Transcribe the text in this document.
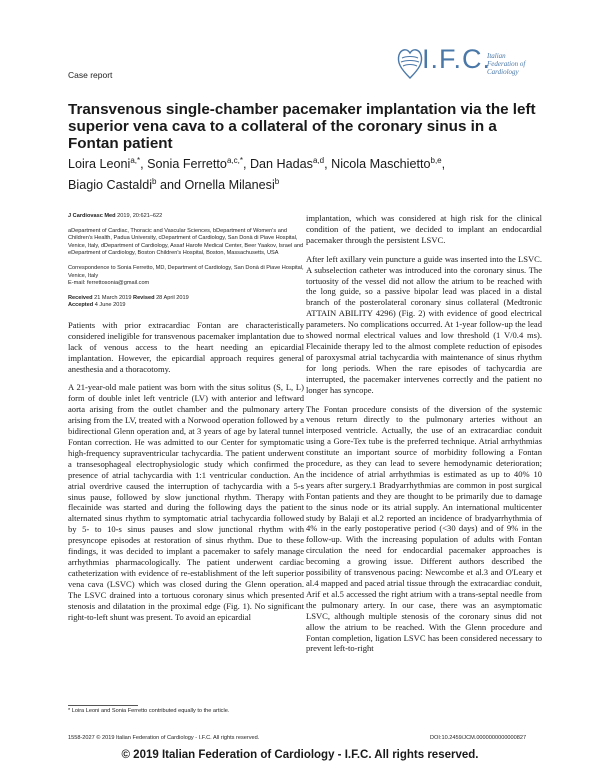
Case report
I.F.C.
Italian
Federation of
Cardiology
Transvenous single-chamber pacemaker implantation via the left superior vena cava to a collateral of the coronary sinus in a Fontan patient
Loira Leoni$^{a,*}$, Sonia Ferretto$^{a,c,*}$, Dan Hadas$^{a,d}$, Nicola Maschietto$^{b,e}$,
Biagio Castaldi$^b$ and Ornella Milanesi$^b$
J Cardiovasc Med 2019, 20:621–622
aDepartment of Cardiac, Thoracic and Vascular Sciences, bDepartment of Women's and Children's Health, Padua University, cDepartment of Cardiology, San Donà di Piave Hospital, Venice, Italy, dDepartment of Cardiology, Assaf Harofe Medical Center, Beer Yaakov, Israel and eDepartment of Cardiology, Boston Children's Hospital, Boston, Massachusetts, USA
Correspondence to Sonia Ferretto, MD, Department of Cardiology, San Donà di Piave Hospital, Venice, Italy
E-mail: ferrettosonia@gmail.com
Received 21 March 2019 Revised 28 April 2019
Accepted 4 June 2019

Patients with prior extracardiac Fontan are characteristically considered ineligible for transvenous pacemaker implantation due to lack of venous access to the heart needing an epicardial implantation. However, the epicardial approach requires general anesthesia and a thoracotomy.

A 21-year-old male patient was born with the situs solitus (S, L, L) form of double inlet left ventricle (LV) with anterior and leftward aorta arising from the outlet chamber and the pulmonary artery arising from the LV, treated with a Norwood operation followed by a bidirectional Glenn operation and, at 3 years of age by lateral tunnel Fontan correction. He was admitted to our Center for symptomatic high-frequency supraventricular tachycardia. The patient underwent a transesophageal electrophysiologic study which confirmed the presence of atrial tachycardia with 1:1 ventricular conduction. An atrial overdrive caused the interruption of tachycardia with a 5-s sinus pause, followed by slow junctional rhythm. Therapy with flecainide was started and during the following days the patient alternated sinus rhythm to symptomatic atrial tachycardia followed by 5- to 10-s sinus pauses and slow junctional rhythm with presyncope episodes at restoration of sinus rhythm. Due to these findings, it was decided to implant a pacemaker to safely manage arrhythmias pharmacologically. The patient underwent cardiac catheterization with evidence of re-establishment of the left superior vena cava (LSVC) which was closed during the Glenn operation. The LSVC drained into a tortuous coronary sinus which presented stenosis and dilatation in the proximal edge (Fig. 1). No significant right-to-left shunt was present. To avoid an epicardial

implantation, which was considered at high risk for the clinical condition of the patient, we decided to implant an endocardial pacemaker through the persistent LSVC.

After left axillary vein puncture a guide was inserted into the LSVC. A subselection catheter was introduced into the coronary sinus. The tortuosity of the vessel did not allow the atrium to be reached with the long guide, so a passive bipolar lead was placed in a distal branch of the posterolateral coronary sinus collateral (Medtronic ATTAIN ABILITY 4296) (Fig. 2) with evidence of good electrical parameters. No complications occurred. At 1-year follow-up the lead showed normal electrical values and low threshold (1 V/0.4 ms). Flecainide therapy led to the almost complete reduction of episodes of paroxysmal atrial tachycardia with maintenance of sinus rhythm for long periods. When the rare episodes of tachycardia are interrupted, the pacemaker intervenes correctly and the patient no longer has syncope.

The Fontan procedure consists of the diversion of the systemic venous return directly to the pulmonary arteries without an interposed ventricle. Actually, the use of an extracardiac conduit using a Gore-Tex tube is the preferred technique. Atrial arrhythmias constitute an important source of morbidity following a Fontan procedure, as they can lead to severe hemodynamic deterioration; the incidence of atrial arrhythmias is estimated as up to 40% 10 years after surgery.1 Bradyarrhythmias are common in post surgical Fontan patients and they are thought to be primarily due to damage to the sinus node or its atrial supply. An international multicenter study by Balaji et al.2 reported an incidence of bradyarrhythmia of 4% in the early postoperative period (<30 days) and of 9% in the follow-up. With the increasing population of adults with Fontan circulation the need for endocardial pacemaker approaches is becoming a growing issue. Different authors described the possibility of transvenous pacing: Newcombe et al.3 and O'Leary et al.4 mapped and paced atrial tissue through the extracardiac conduit, Arif et al.5 accessed the right atrium with a trans-septal needle from the pulmonary artery. In our case, there was an asymptomatic LSVC, although multiple stenosis of the coronary sinus did not allow the atrium to be reached. With the Glenn procedure and Fontan completion, ligation LSVC has been considered necessary to prevent left-to-right

* Loira Leoni and Sonia Ferretto contributed equally to the article.
1558-2027 © 2019 Italian Federation of Cardiology - I.F.C. All rights reserved.	DOI:10.2459/JCM.0000000000000827
© 2019 Italian Federation of Cardiology - I.F.C. All rights reserved.
